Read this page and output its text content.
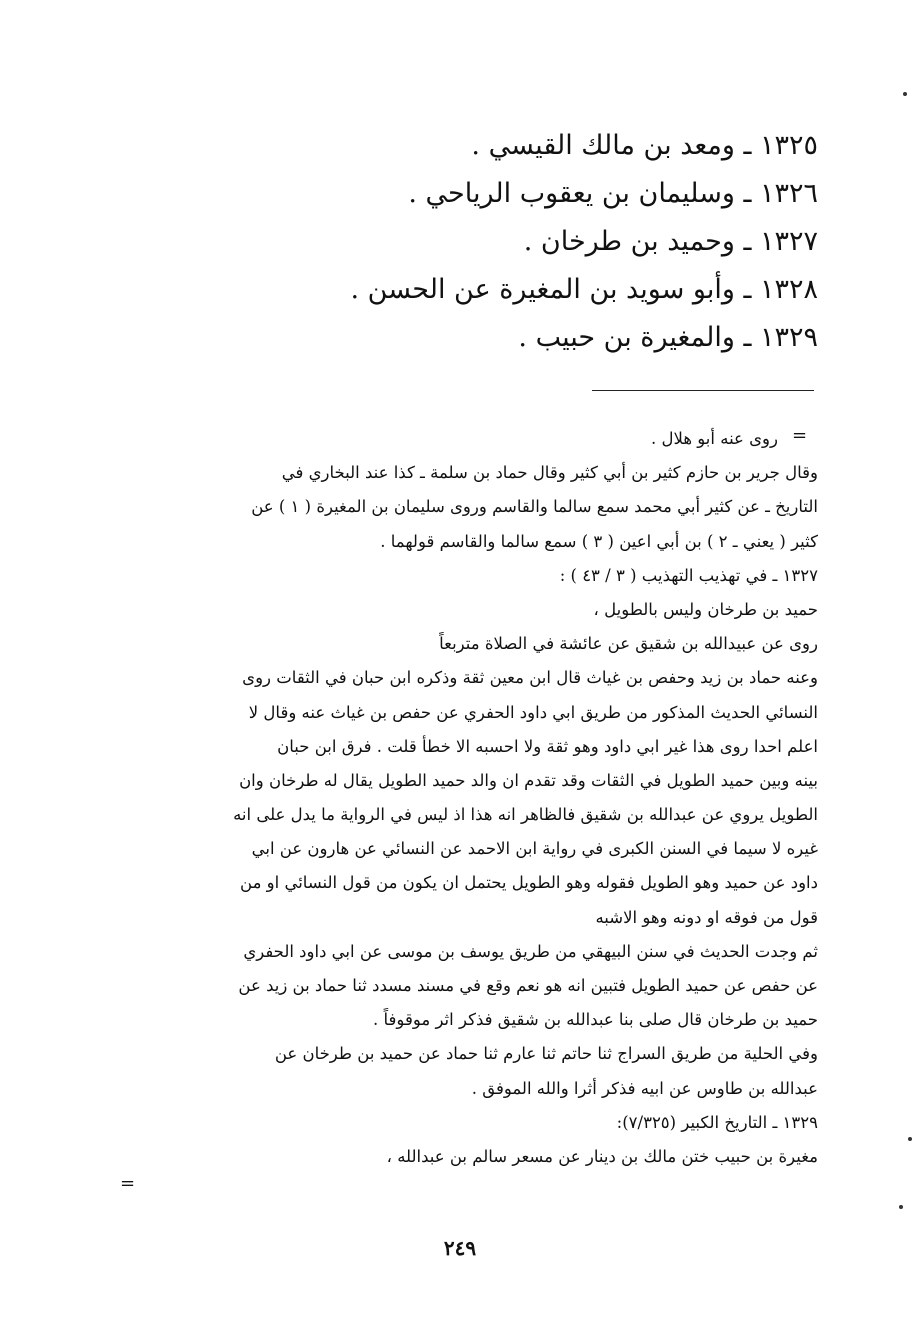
١٣٢٥ ـ ومعد بن مالك القيسي .
١٣٢٦ ـ وسليمان بن يعقوب الرياحي .
١٣٢٧ ـ وحميد بن طرخان .
١٣٢٨ ـ وأبو سويد بن المغيرة عن الحسن .
١٣٢٩ ـ والمغيرة بن حبيب .
=
روى عنه أبو هلال .
وقال جرير بن حازم كثير بن أبي كثير وقال حماد بن سلمة ـ كذا عند البخاري في
التاريخ ـ عن كثير أبي محمد سمع سالما والقاسم وروى سليمان بن المغيرة ( ١ ) عن
كثير ( يعني ـ ٢ ) بن أبي اعين ( ٣ ) سمع سالما والقاسم قولهما .
١٣٢٧ ـ في تهذيب التهذيب ( ٣ / ٤٣ ) :
حميد بن طرخان وليس بالطويل ،
روى عن عبيدالله بن شقيق عن عائشة في الصلاة متربعاً
وعنه حماد بن زيد وحفص بن غياث قال ابن معين ثقة وذكره ابن حبان في الثقات روى
النسائي الحديث المذكور من طريق ابي داود الحفري عن حفص بن غياث عنه وقال لا
اعلم احدا روى هذا غير ابي داود وهو ثقة ولا احسبه الا خطأ قلت . فرق ابن حبان
بينه وبين حميد الطويل في الثقات وقد تقدم ان والد حميد الطويل يقال له طرخان وان
الطويل يروي عن عبدالله بن شقيق فالظاهر انه هذا اذ ليس في الرواية ما يدل على انه
غيره لا سيما في السنن الكبرى في رواية ابن الاحمد عن النسائي عن هارون عن ابي
داود عن حميد وهو الطويل فقوله وهو الطويل يحتمل ان يكون من قول النسائي او من
قول من فوقه او دونه وهو الاشبه
ثم وجدت الحديث في سنن البيهقي من طريق يوسف بن موسى عن ابي داود الحفري
عن حفص عن حميد الطويل فتبين انه هو نعم وقع في مسند مسدد ثنا حماد بن زيد عن
حميد بن طرخان قال صلى بنا عبدالله بن شقيق فذكر اثر موقوفاً .
وفي الحلية من طريق السراج ثنا حاتم ثنا عارم ثنا حماد عن حميد بن طرخان عن
عبدالله بن طاوس عن ابيه فذكر أثرا والله الموفق .
١٣٢٩ ـ التاريخ الكبير (٧/٣٢٥):
مغيرة بن حبيب ختن مالك بن دينار عن مسعر سالم بن عبدالله ،
=
٢٤٩
